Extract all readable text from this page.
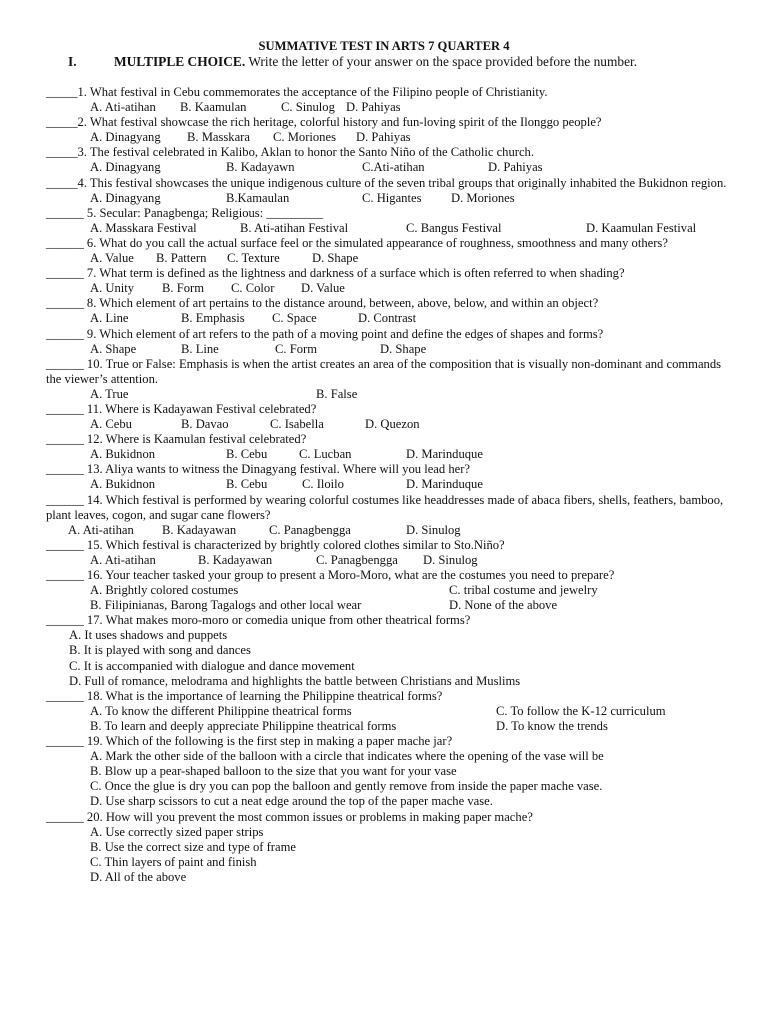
SUMMATIVE TEST IN ARTS 7 QUARTER 4
I.	MULTIPLE CHOICE. Write the letter of your answer on the space provided before the number.
_____1. What festival in Cebu commemorates the acceptance of the Filipino people of Christianity.
A. Ati-atihan B. Kaamulan	C. Sinulog D. Pahiyas
_____2. What festival showcase the rich heritage, colorful history and fun-loving spirit of the Ilonggo people?
A. Dinagyang B. Masskara C. Moriones D. Pahiyas
_____3. The festival celebrated in Kalibo, Aklan to honor the Santo Niño of the Catholic church.
A. Dinagyang	B. Kadayawn	C.Ati-atihan	D. Pahiyas
_____4. This festival showcases the unique indigenous culture of the seven tribal groups that originally inhabited the Bukidnon region.
A. Dinagyang	B.Kamaulan	C. Higantes D. Moriones
______ 5. Secular: Panagbenga; Religious: _________
A. Masskara Festival	B. Ati-atihan Festival	C. Bangus Festival	D. Kaamulan Festival
______ 6. What do you call the actual surface feel or the simulated appearance of roughness, smoothness and many others?
A. Value B. Pattern C. Texture	D. Shape
______ 7. What term is defined as the lightness and darkness of a surface which is often referred to when shading?
A. Unity B. Form C. Color D. Value
______ 8. Which element of art pertains to the distance around, between, above, below, and within an object?
A. Line	B. Emphasis C. Space	D. Contrast
______ 9. Which element of art refers to the path of a moving point and define the edges of shapes and forms?
A. Shape	B. Line	C. Form	D. Shape
______ 10. True or False: Emphasis is when the artist creates an area of the composition that is visually non-dominant and commands the viewer’s attention.
A. True	B. False
______ 11. Where is Kadayawan Festival celebrated?
A. Cebu	B. Davao	C. Isabella	D. Quezon
______ 12. Where is Kaamulan festival celebrated?
A. Bukidnon	B. Cebu	C. Lucban	D. Marinduque
______ 13. Aliya wants to witness the Dinagyang festival. Where will you lead her?
A. Bukidnon	B. Cebu	C. Iloilo	D. Marinduque
______ 14. Which festival is performed by wearing colorful costumes like headdresses made of abaca fibers, shells, feathers, bamboo, plant leaves, cogon, and sugar cane flowers?
A. Ati-atihan B. Kadayawan	C. Panagbengga	D. Sinulog
______ 15. Which festival is characterized by brightly colored clothes similar to Sto.Niño?
A. Ati-atihan	B. Kadayawan	C. Panagbengga D. Sinulog
______ 16. Your teacher tasked your group to present a Moro-Moro, what are the costumes you need to prepare?
A. Brightly colored costumes	C. tribal costume and jewelry
B. Filipinianas, Barong Tagalogs and other local wear	D. None of the above
______ 17. What makes moro-moro or comedia unique from other theatrical forms?
A. It uses shadows and puppets
B. It is played with song and dances
C. It is accompanied with dialogue and dance movement
D. Full of romance, melodrama and highlights the battle between Christians and Muslims
______ 18. What is the importance of learning the Philippine theatrical forms?
A. To know the different Philippine theatrical forms	C. To follow the K-12 curriculum
B. To learn and deeply appreciate Philippine theatrical forms	D. To know the trends
______ 19. Which of the following is the first step in making a paper mache jar?
A. Mark the other side of the balloon with a circle that indicates where the opening of the vase will be
B. Blow up a pear-shaped balloon to the size that you want for your vase
C. Once the glue is dry you can pop the balloon and gently remove from inside the paper mache vase.
D. Use sharp scissors to cut a neat edge around the top of the paper mache vase.
______ 20. How will you prevent the most common issues or problems in making paper mache?
A. Use correctly sized paper strips
B. Use the correct size and type of frame
C. Thin layers of paint and finish
D. All of the above
